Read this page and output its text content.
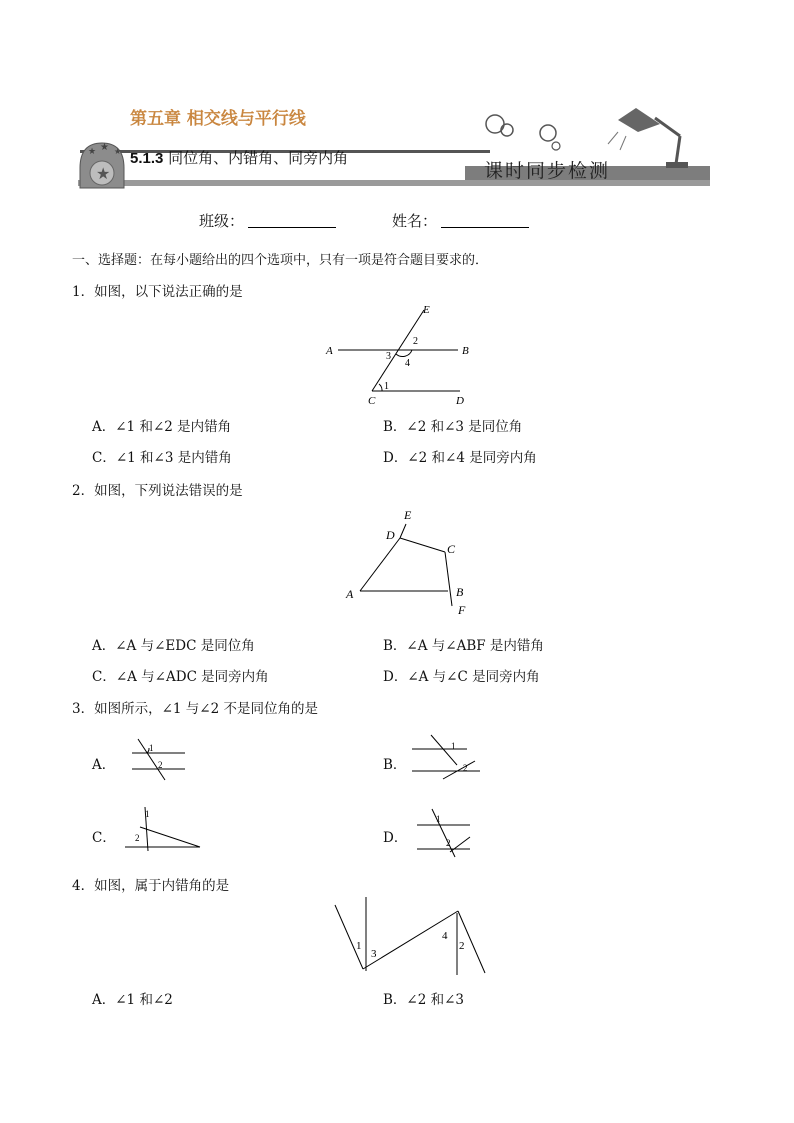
★
★ ★ ★
第五章 相交线与平行线
5.1.3 同位角、内错角、同旁内角
课时同步检测
班级：	姓名：
一、选择题：在每小题给出的四个选项中，只有一项是符合题目要求的．
1．如图，以下说法正确的是
A	B
C	D
E
1
2
3
4
A．∠1 和∠2 是内错角	B．∠2 和∠3 是同位角
C．∠1 和∠3 是内错角	D．∠2 和∠4 是同旁内角
2．如图，下列说法错误的是
A	B
C
D
E
F
A．∠A 与∠EDC 是同位角	B．∠A 与∠ABF 是内错角
C．∠A 与∠ADC 是同旁内角	D．∠A 与∠C 是同旁内角
3．如图所示，∠1 与∠2 不是同位角的是
A．
1
2	B．
1
2
C．
1
2	D．
1
2
4．如图，属于内错角的是
1
3
4
2
A．∠1 和∠2	B．∠2 和∠3
